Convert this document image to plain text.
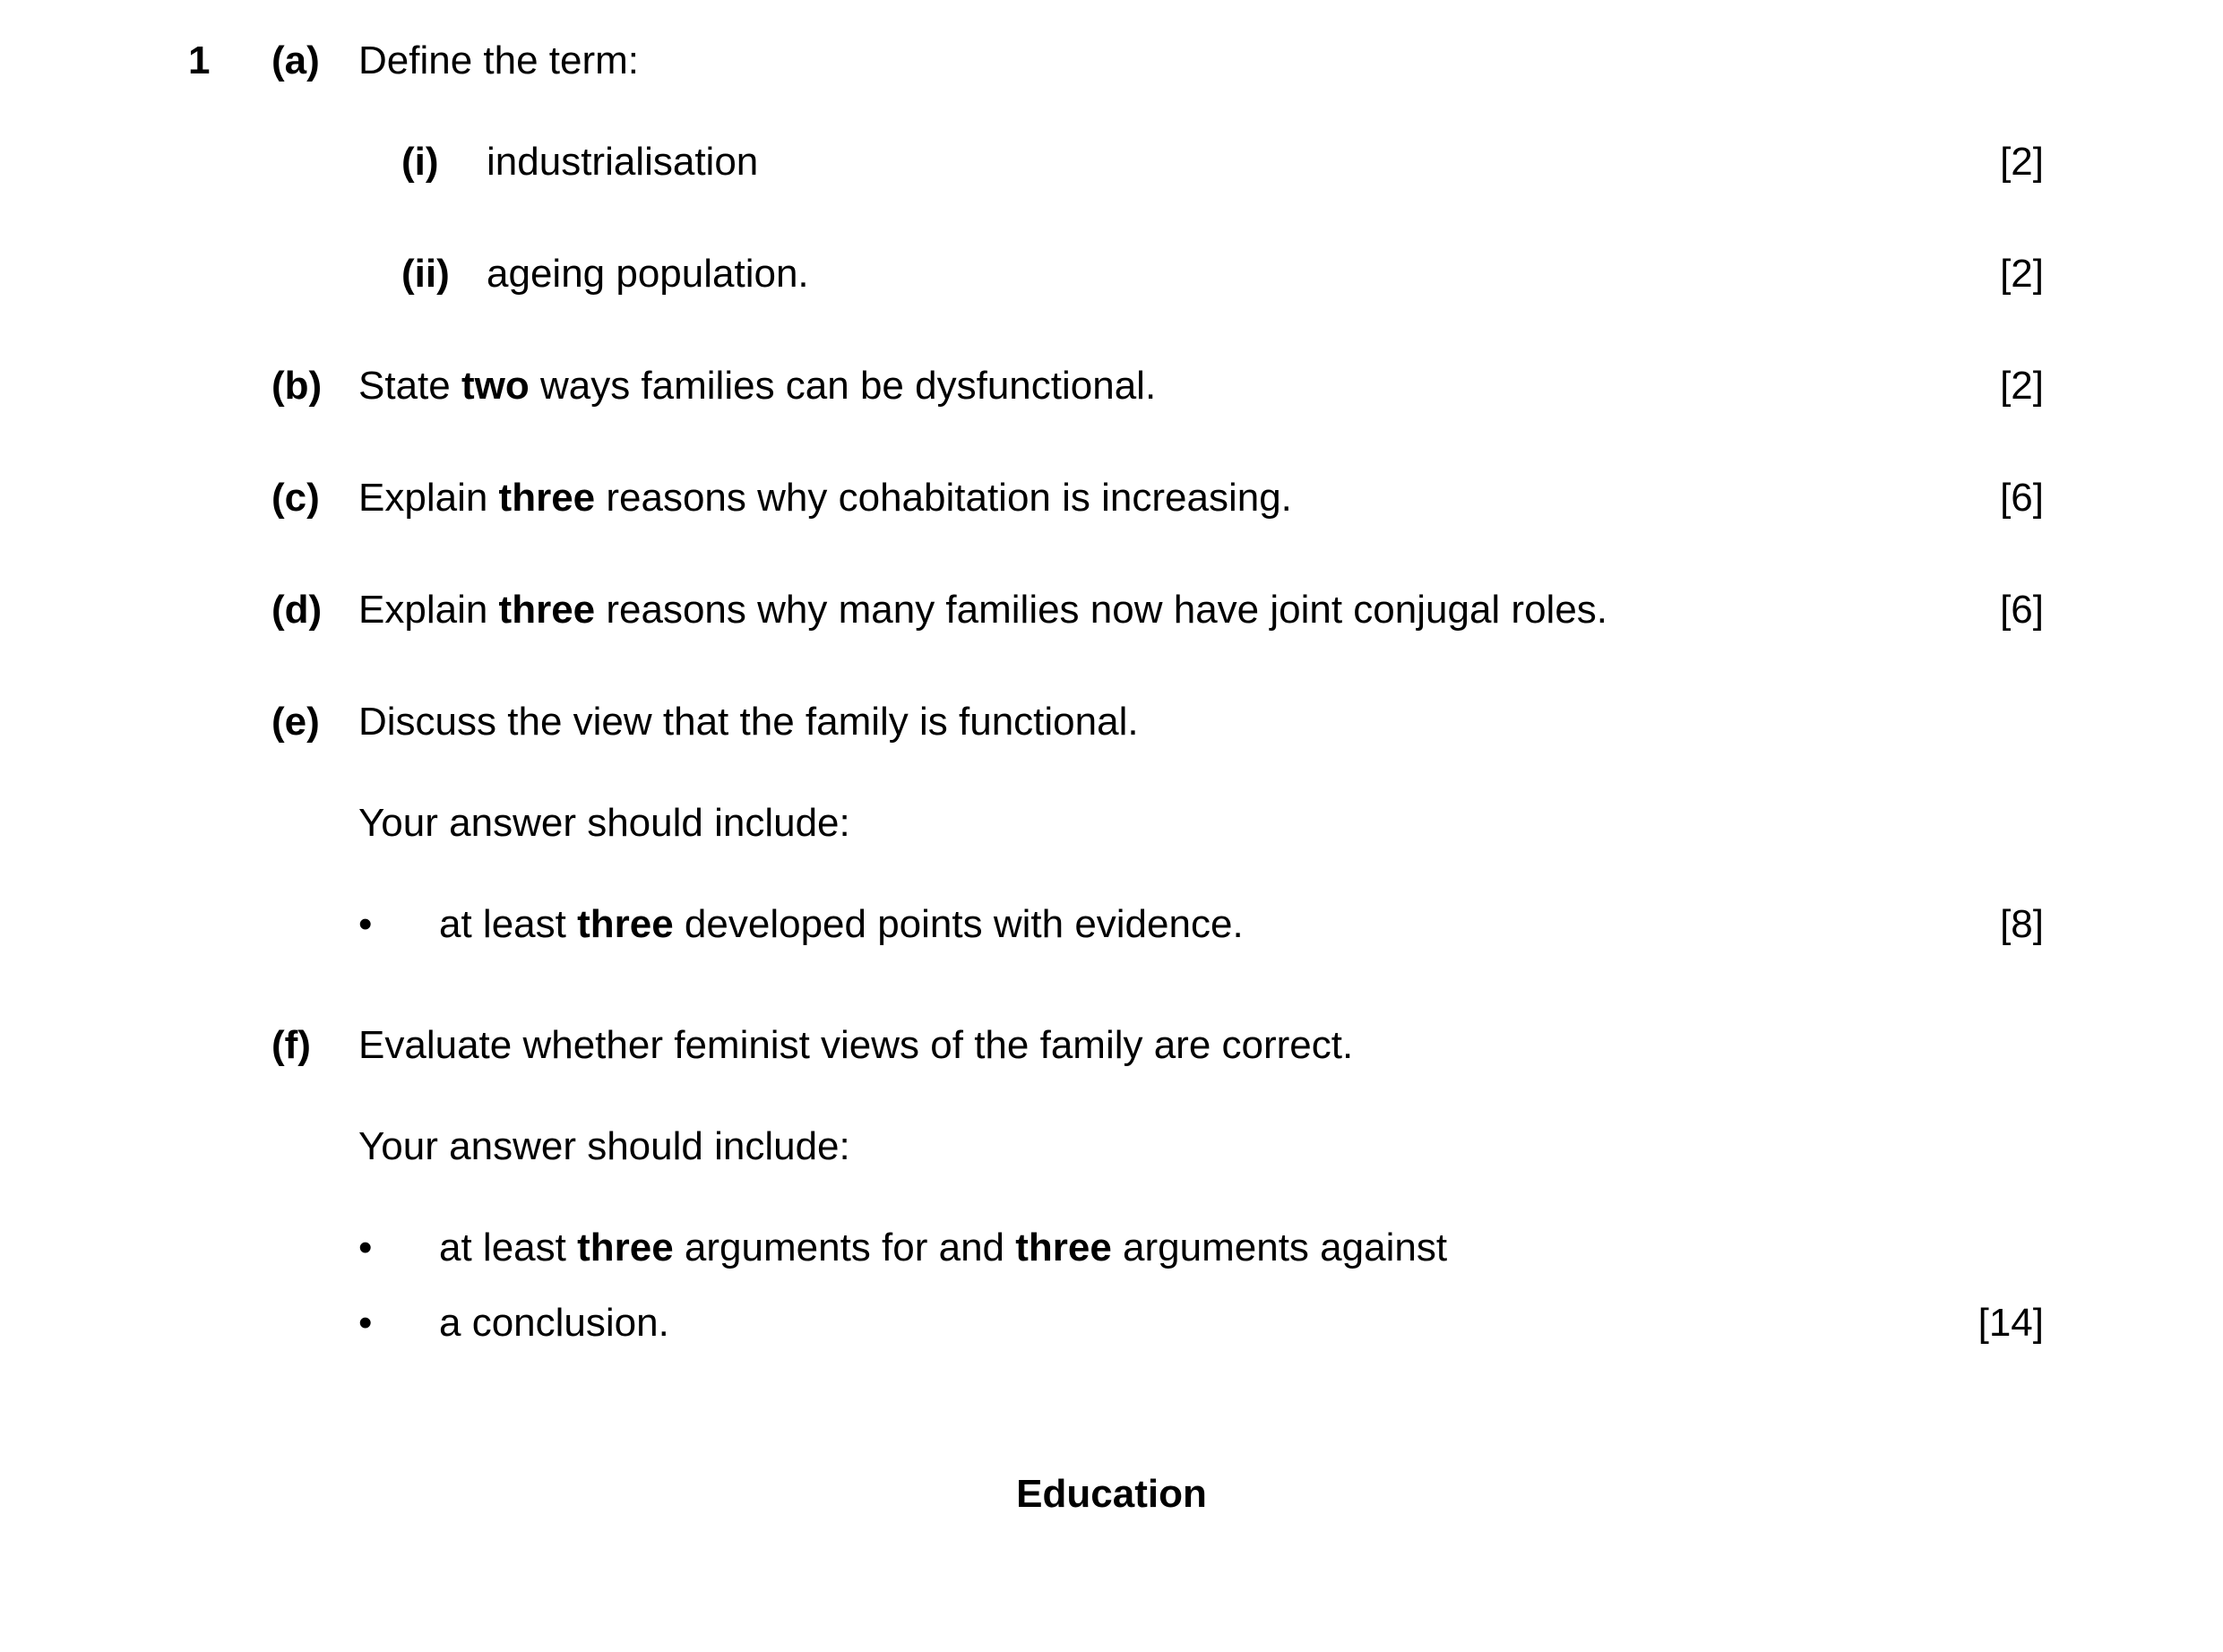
1 (a) Define the term:
(i) industrialisation	[2]
(ii) ageing population.	[2]
(b) State two ways families can be dysfunctional.	[2]
(c) Explain three reasons why cohabitation is increasing.	[6]
(d) Explain three reasons why many families now have joint conjugal roles.	[6]
(e) Discuss the view that the family is functional.
Your answer should include:
• at least three developed points with evidence.	[8]
(f) Evaluate whether feminist views of the family are correct.
Your answer should include:
• at least three arguments for and three arguments against
• a conclusion.	[14]
Education
